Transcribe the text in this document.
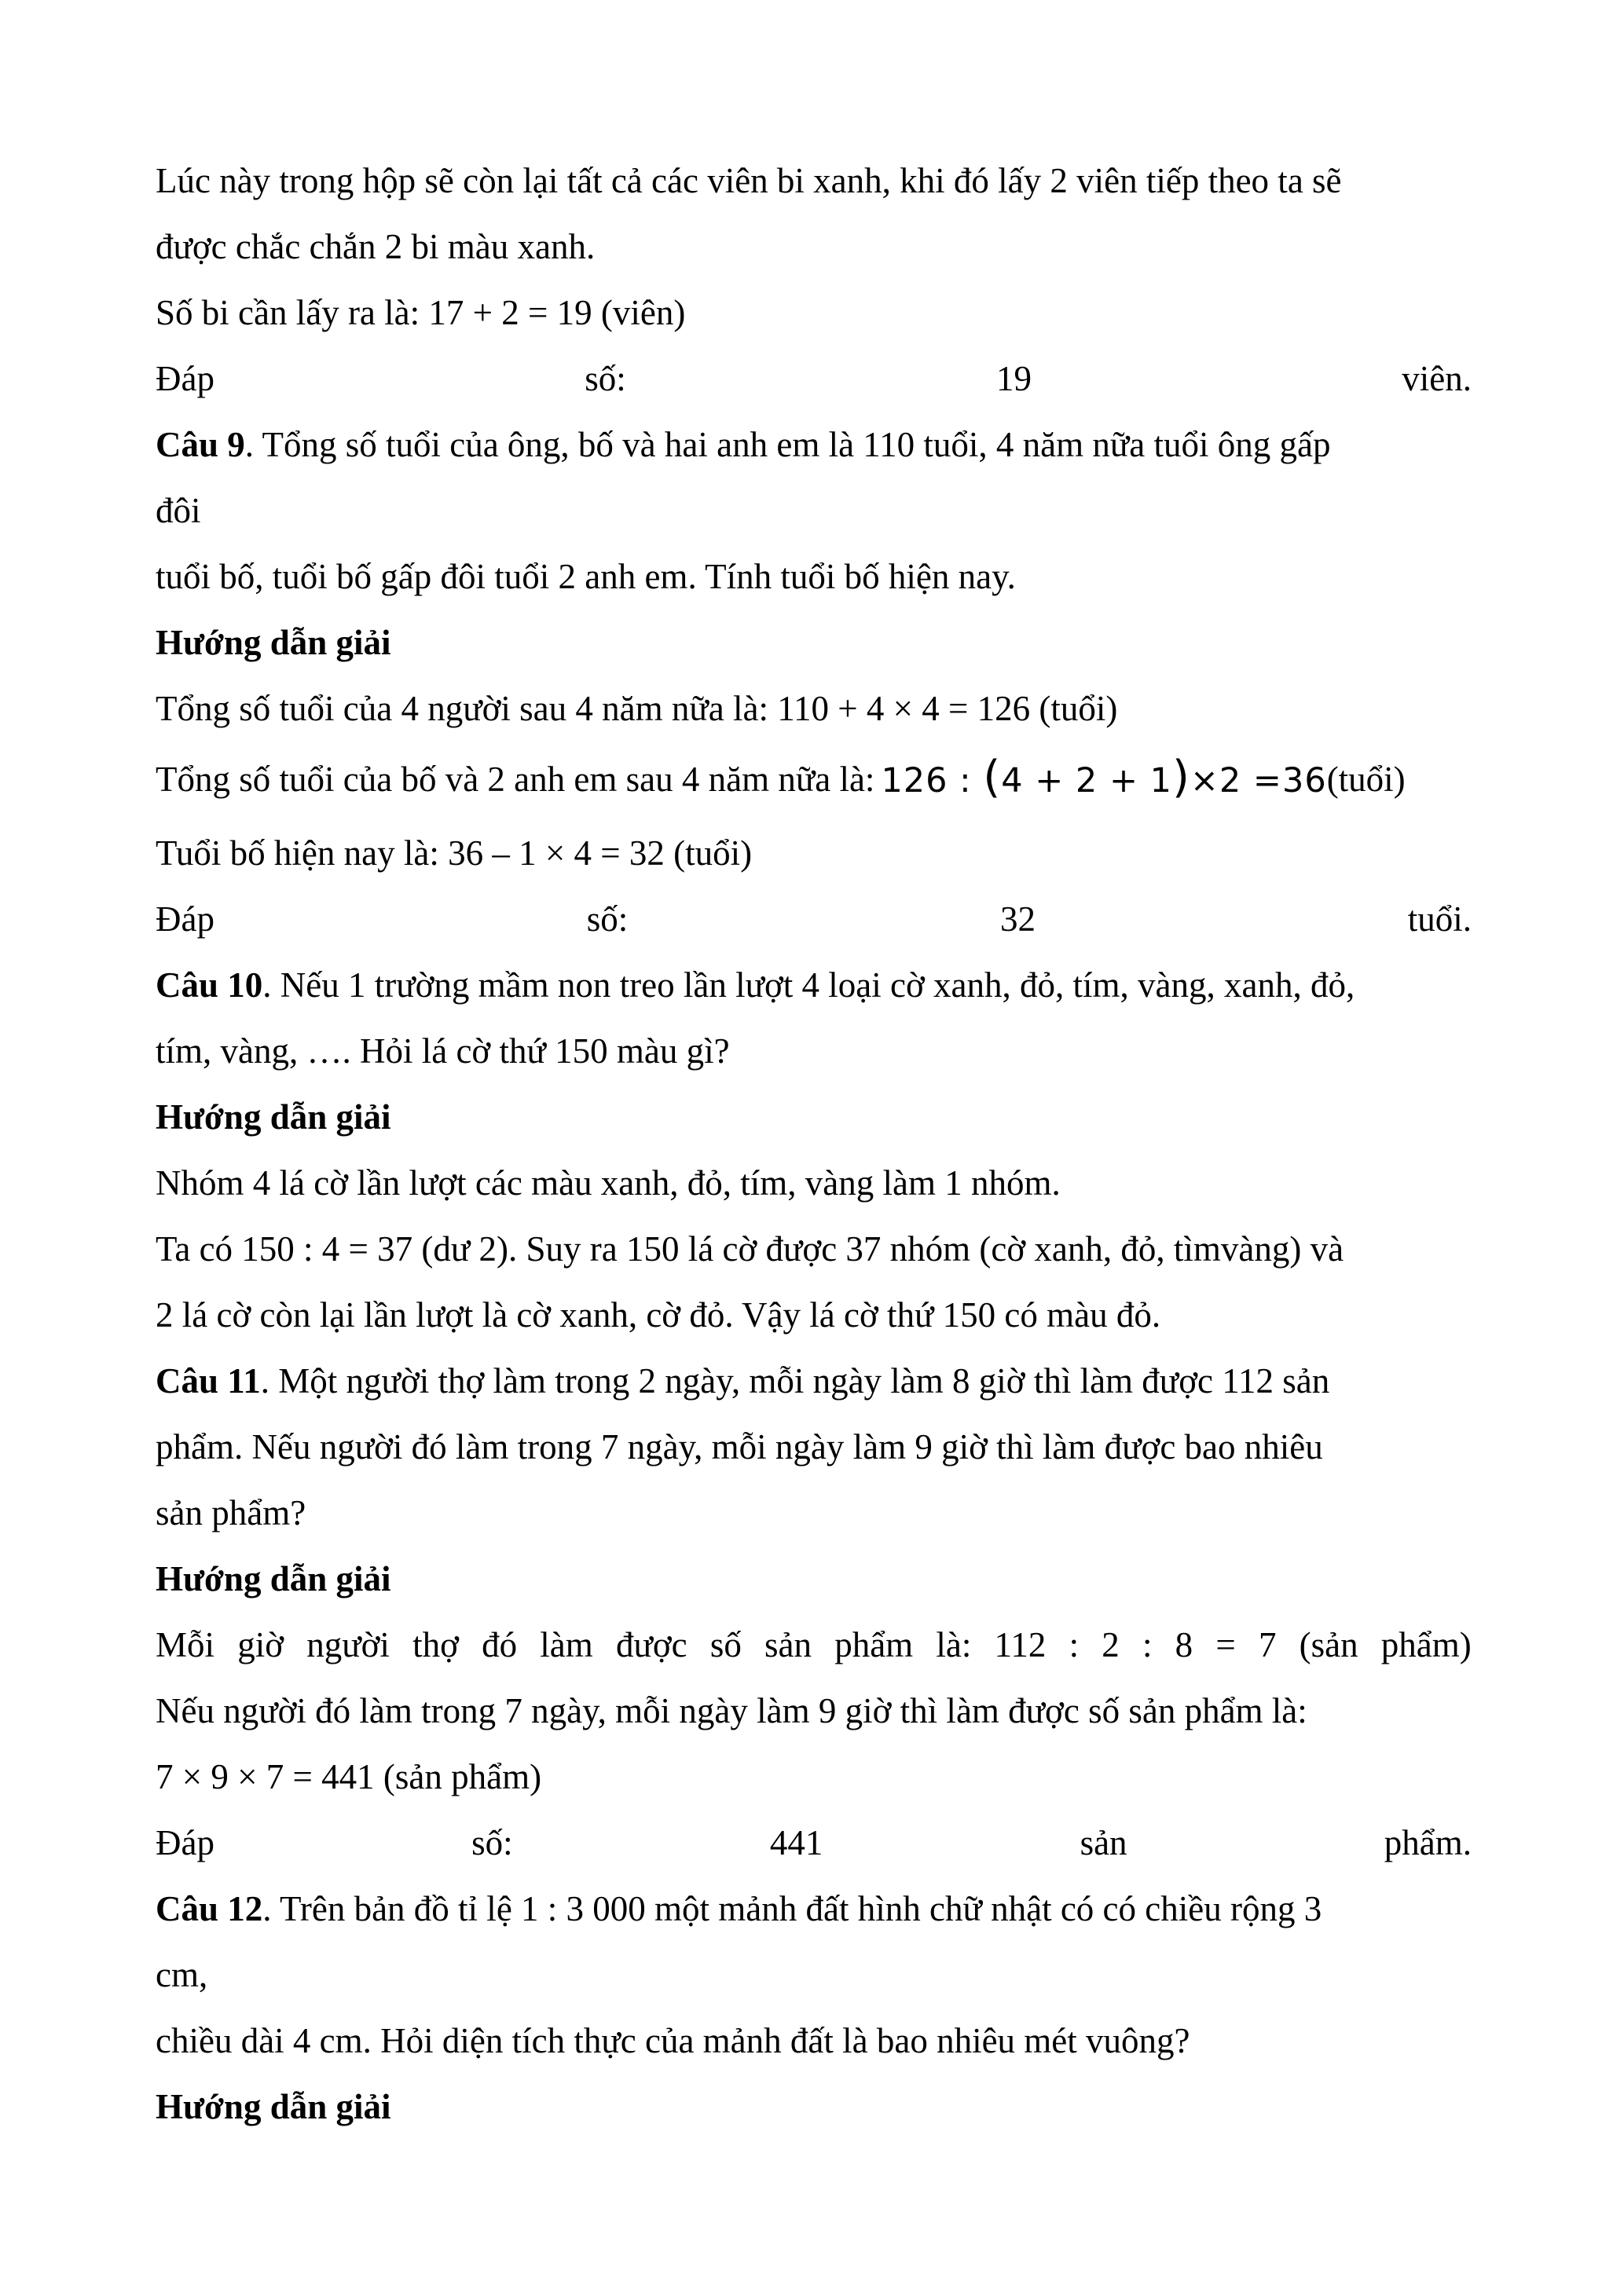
Lúc này trong hộp sẽ còn lại tất cả các viên bi xanh, khi đó lấy 2 viên tiếp theo ta sẽ
được chắc chắn 2 bi màu xanh.
Số bi cần lấy ra là: 17 + 2 = 19 (viên)
Đáp	số:	19	viên.
Câu 9. Tổng số tuổi của ông, bố và hai anh em là 110 tuổi, 4 năm nữa tuổi ông gấp
đôi
tuổi bố, tuổi bố gấp đôi tuổi 2 anh em. Tính tuổi bố hiện nay.
Hướng dẫn giải
Tổng số tuổi của 4 người sau 4 năm nữa là: 110 + 4 × 4 = 126 (tuổi)
Tổng số tuổi của bố và 2 anh em sau 4 năm nữa là: 126 : (4 + 2 + 1)×2 =36 (tuổi)
Tuổi bố hiện nay là: 36 – 1 × 4 = 32 (tuổi)
Đáp	số:	32	tuổi.
Câu 10. Nếu 1 trường mầm non treo lần lượt 4 loại cờ xanh, đỏ, tím, vàng, xanh, đỏ,
tím, vàng, …. Hỏi lá cờ thứ 150 màu gì?
Hướng dẫn giải
Nhóm 4 lá cờ lần lượt các màu xanh, đỏ, tím, vàng làm 1 nhóm.
Ta có 150 : 4 = 37 (dư 2). Suy ra 150 lá cờ được 37 nhóm (cờ xanh, đỏ, tìmvàng) và
2 lá cờ còn lại lần lượt là cờ xanh, cờ đỏ. Vậy lá cờ thứ 150 có màu đỏ.
Câu 11. Một người thợ làm trong 2 ngày, mỗi ngày làm 8 giờ thì làm được 112 sản
phẩm. Nếu người đó làm trong 7 ngày, mỗi ngày làm 9 giờ thì làm được bao nhiêu
sản phẩm?
Hướng dẫn giải
Mỗi giờ người thợ đó làm được số sản phẩm là: 112 : 2 : 8 = 7 (sản phẩm)
Nếu người đó làm trong 7 ngày, mỗi ngày làm 9 giờ thì làm được số sản phẩm là:
7 × 9 × 7 = 441 (sản phẩm)
Đáp	số:	441	sản	phẩm.
Câu 12. Trên bản đồ tỉ lệ 1 : 3 000 một mảnh đất hình chữ nhật có có chiều rộng 3
cm,
chiều dài 4 cm. Hỏi diện tích thực của mảnh đất là bao nhiêu mét vuông?
Hướng dẫn giải
